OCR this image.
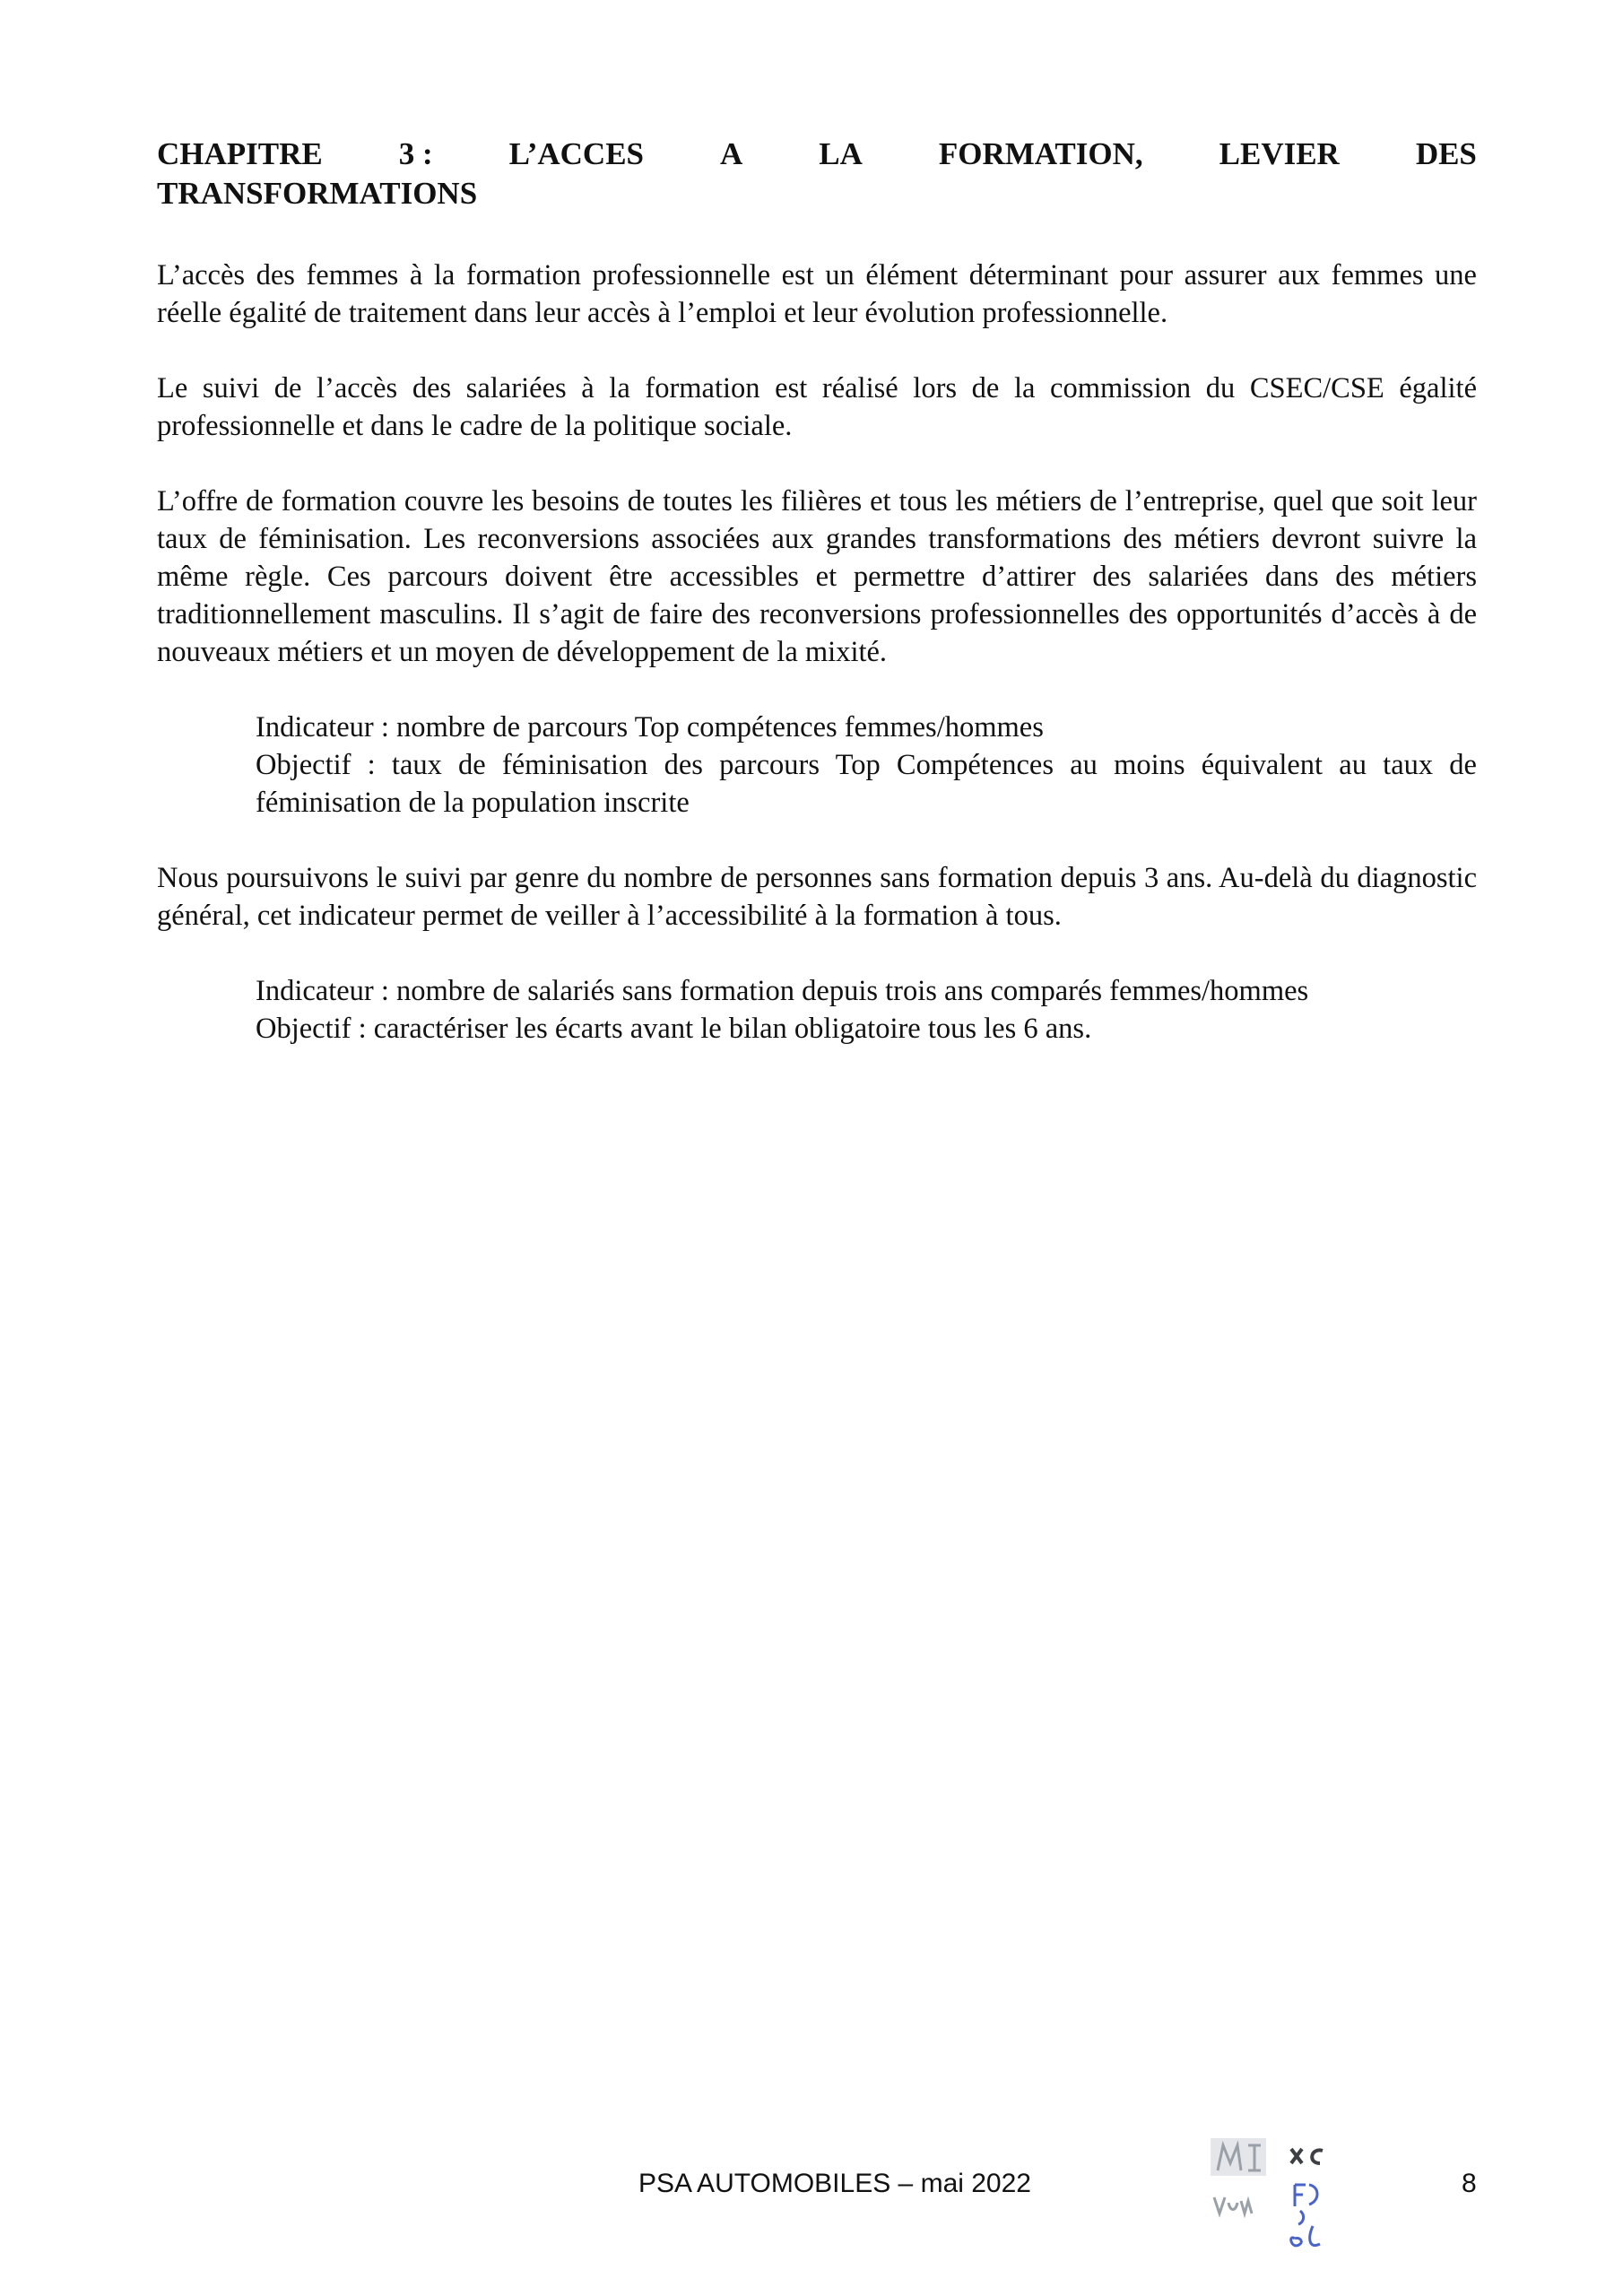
CHAPITRE 3 : L’ACCES A LA FORMATION, LEVIER DES
TRANSFORMATIONS

L’accès des femmes à la formation professionnelle est un élément déterminant pour assurer aux femmes une réelle égalité de traitement dans leur accès à l’emploi et leur évolution professionnelle.

Le suivi de l’accès des salariées à la formation est réalisé lors de la commission du CSEC/CSE égalité professionnelle et dans le cadre de la politique sociale.

L’offre de formation couvre les besoins de toutes les filières et tous les métiers de l’entreprise, quel que soit leur taux de féminisation. Les reconversions associées aux grandes transformations des métiers devront suivre la même règle. Ces parcours doivent être accessibles et permettre d’attirer des salariées dans des métiers traditionnellement masculins. Il s’agit de faire des reconversions professionnelles des opportunités d’accès à de nouveaux métiers et un moyen de développement de la mixité.

Indicateur : nombre de parcours Top compétences femmes/hommes
Objectif : taux de féminisation des parcours Top Compétences au moins équivalent au taux de féminisation de la population inscrite

Nous poursuivons le suivi par genre du nombre de personnes sans formation depuis 3 ans. Au-delà du diagnostic général, cet indicateur permet de veiller à l’accessibilité à la formation à tous.

Indicateur : nombre de salariés sans formation depuis trois ans comparés femmes/hommes
Objectif : caractériser les écarts avant le bilan obligatoire tous les 6 ans.
PSA AUTOMOBILES – mai 2022	8
